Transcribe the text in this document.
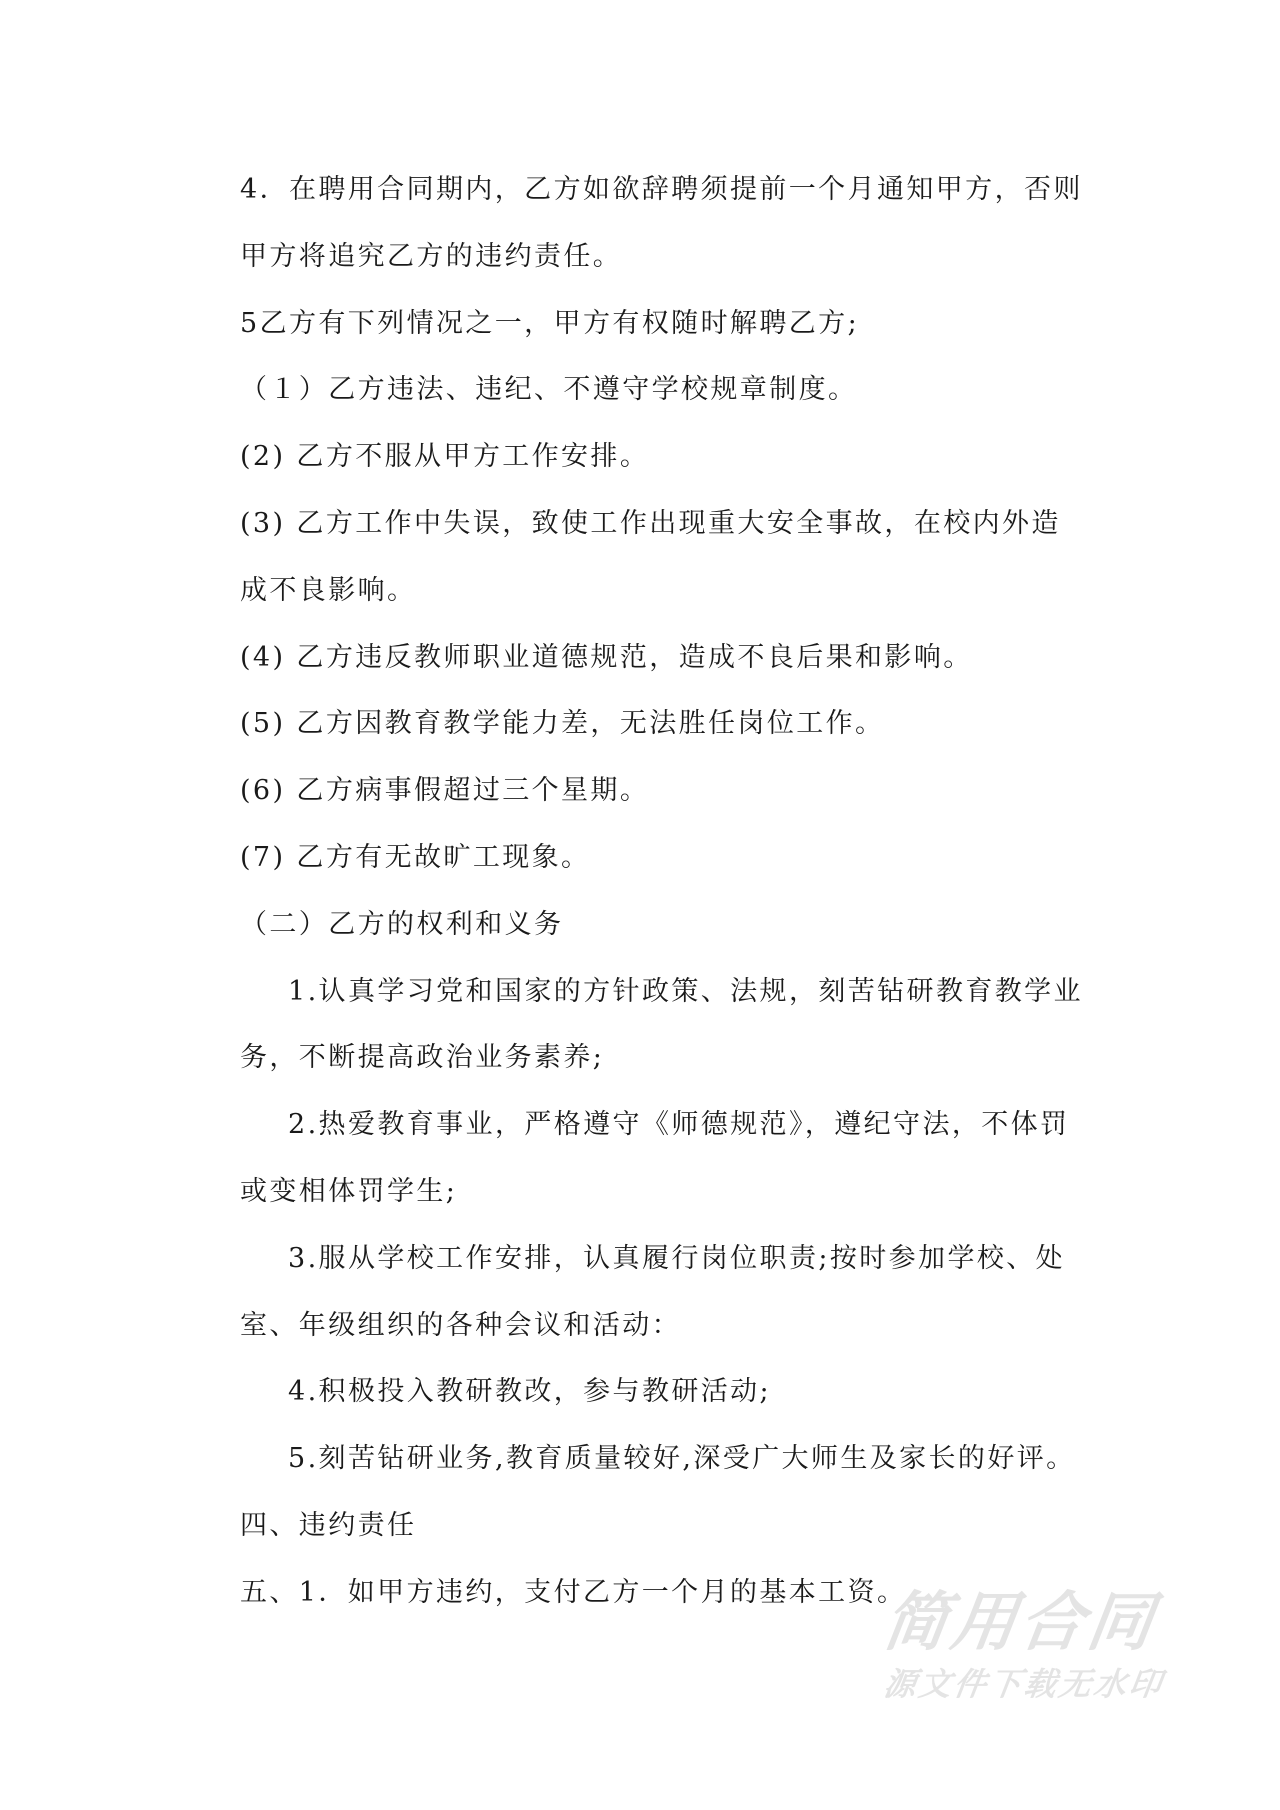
4．在聘用合同期内，乙方如欲辞聘须提前一个月通知甲方，否则
甲方将追究乙方的违约责任。
5乙方有下列情况之一，甲方有权随时解聘乙方;
（１）乙方违法、违纪、不遵守学校规章制度。
(2) 乙方不服从甲方工作安排。
(3) 乙方工作中失误，致使工作出现重大安全事故，在校内外造
成不良影响。
(4) 乙方违反教师职业道德规范，造成不良后果和影响。
(5) 乙方因教育教学能力差，无法胜任岗位工作。
(6) 乙方病事假超过三个星期。
(7) 乙方有无故旷工现象。
（二）乙方的权利和义务
1.认真学习党和国家的方针政策、法规，刻苦钻研教育教学业
务，不断提高政治业务素养;
2.热爱教育事业，严格遵守《师德规范》，遵纪守法，不体罚
或变相体罚学生;
3.服从学校工作安排，认真履行岗位职责;按时参加学校、处
室、年级组织的各种会议和活动：
4.积极投入教研教改，参与教研活动;
5.刻苦钻研业务,教育质量较好,深受广大师生及家长的好评。
四、违约责任
五、1．如甲方违约，支付乙方一个月的基本工资。
简用合同
源文件下载无水印
